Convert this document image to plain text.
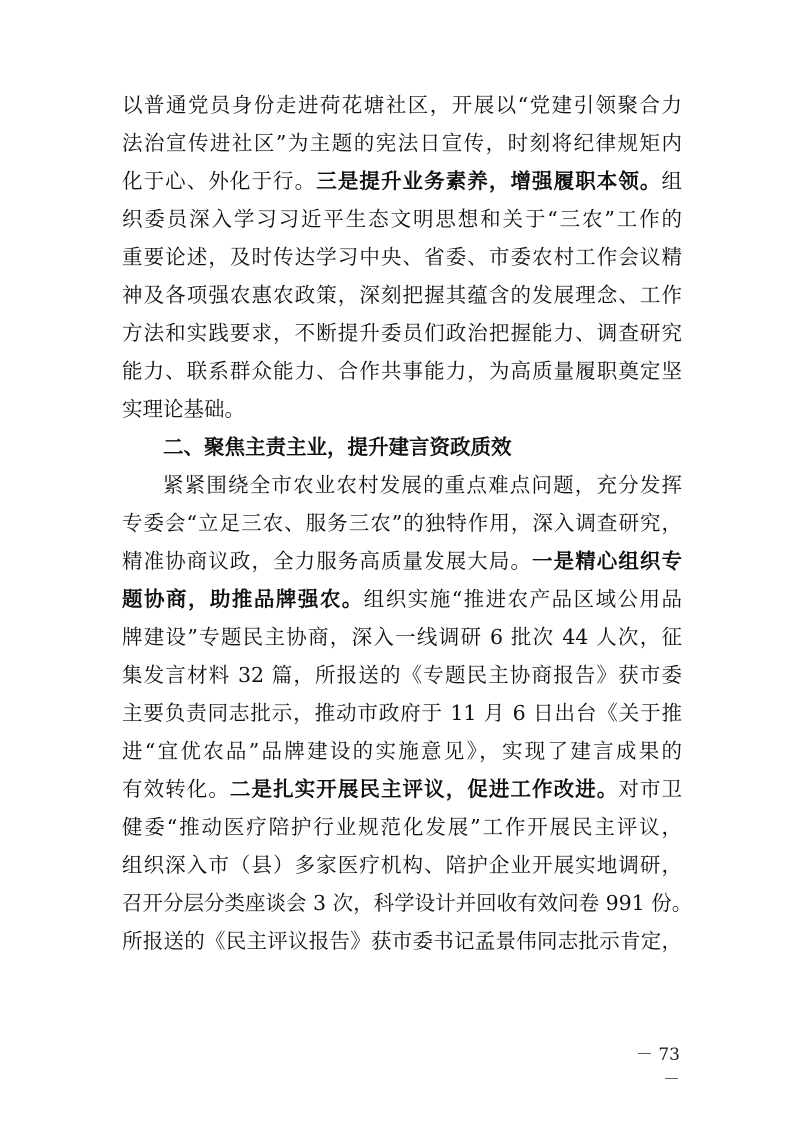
以普通党员身份走进荷花塘社区，开展以“党建引领聚合力
法治宣传进社区”为主题的宪法日宣传，时刻将纪律规矩内
化于心、外化于行。三是提升业务素养，增强履职本领。组
织委员深入学习习近平生态文明思想和关于“三农”工作的
重要论述，及时传达学习中央、省委、市委农村工作会议精
神及各项强农惠农政策，深刻把握其蕴含的发展理念、工作
方法和实践要求，不断提升委员们政治把握能力、调查研究
能力、联系群众能力、合作共事能力，为高质量履职奠定坚
实理论基础。
二、聚焦主责主业，提升建言资政质效
紧紧围绕全市农业农村发展的重点难点问题，充分发挥
专委会“立足三农、服务三农”的独特作用，深入调查研究，
精准协商议政，全力服务高质量发展大局。一是精心组织专
题协商，助推品牌强农。组织实施“推进农产品区域公用品
牌建设”专题民主协商，深入一线调研 6 批次 44 人次，征
集发言材料 32 篇，所报送的《专题民主协商报告》获市委
主要负责同志批示，推动市政府于 11 月 6 日出台《关于推
进“宜优农品”品牌建设的实施意见》，实现了建言成果的
有效转化。二是扎实开展民主评议，促进工作改进。对市卫
健委“推动医疗陪护行业规范化发展”工作开展民主评议，
组织深入市（县）多家医疗机构、陪护企业开展实地调研，
召开分层分类座谈会 3 次，科学设计并回收有效问卷 991 份。
所报送的《民主评议报告》获市委书记孟景伟同志批示肯定，
－ 73 －
